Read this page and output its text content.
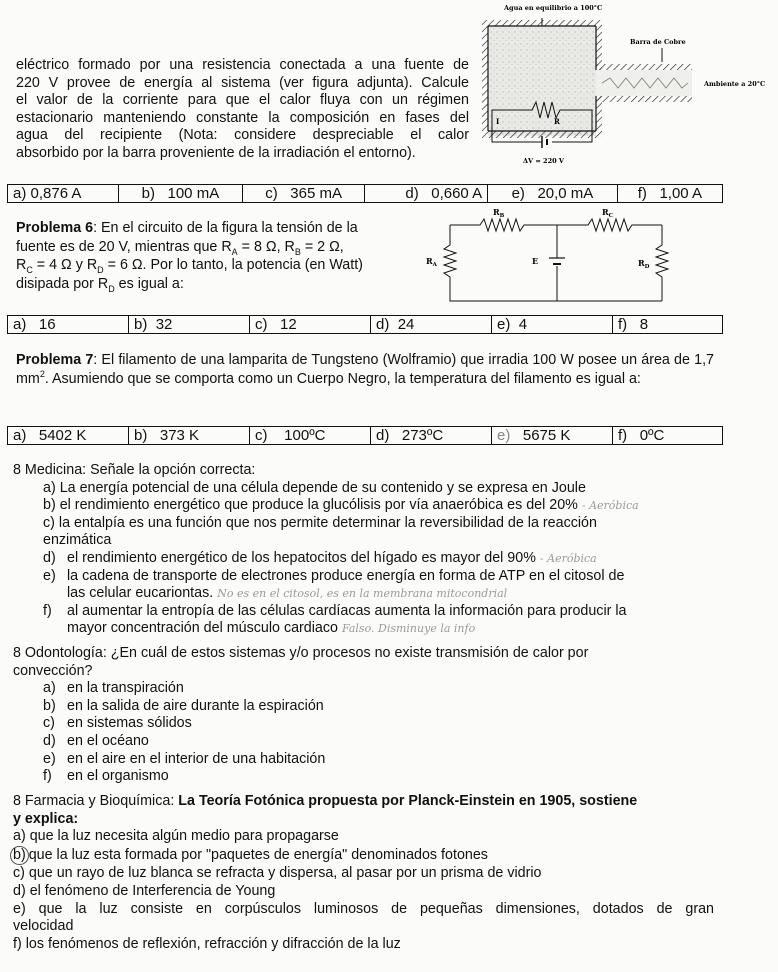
eléctrico formado por una resistencia conectada a una fuente de
220 V provee de energía al sistema (ver figura adjunta). Calcule
el valor de la corriente para que el calor fluya con un régimen
estacionario manteniendo constante la composición en fases del
agua del recipiente (Nota: considere despreciable el calor
absorbido por la barra proveniente de la irradiación el entorno).
Agua en equilibrio a 100°C
Barra de Cobre
Ambiente a 20°C
I	R
ΔV = 220 V
a) 0,876 A	b) 100 mA	c) 365 mA	d) 0,660 A	e) 20,0 mA	f) 1,00 A
Problema 6: En el circuito de la figura la tensión de la
fuente es de 20 V, mientras que $R_A = 8$ Ω, $R_B = 2$ Ω,
$R_C = 4$ Ω y $R_D = 6$ Ω. Por lo tanto, la potencia (en Watt)
disipada por $R_D$ es igual a:
$R_B$	$R_C$
$R_A$	E	$R_D$
a) 16	b) 32	c) 12	d) 24	e) 4	f) 8
Problema 7: El filamento de una lamparita de Tungsteno (Wolframio) que irradia 100 W posee un área de 1,7 $mm^2$. Asumiendo que se comporta como un Cuerpo Negro, la temperatura del filamento es igual a:
a) 5402 K	b) 373 K	c) 100ºC	d) 273ºC	e) 5675 K	f) 0ºC
8 Medicina: Señale la opción correcta:
a) La energía potencial de una célula depende de su contenido y se expresa en Joule
b) el rendimiento energético que produce la glucólisis por vía anaeróbica es del 20% - Aeróbica
c) la entalpía es una función que nos permite determinar la reversibilidad de la reacción
enzimática
d) el rendimiento energético de los hepatocitos del hígado es mayor del 90% - Aeróbica
e) la cadena de transporte de electrones produce energía en forma de ATP en el citosol de
las celular eucariontas. No es en el citosol, es en la membrana mitocondrial
f) al aumentar la entropía de las células cardíacas aumenta la información para producir la
mayor concentración del músculo cardiaco Falso. Disminuye la info
8 Odontología: ¿En cuál de estos sistemas y/o procesos no existe transmisión de calor por
convección?
a) en la transpiración
b) en la salida de aire durante la espiración
c) en sistemas sólidos
d) en el océano
e) en el aire en el interior de una habitación
f) en el organismo
8 Farmacia y Bioquímica: La Teoría Fotónica propuesta por Planck-Einstein en 1905, sostiene
y explica:
a) que la luz necesita algún medio para propagarse
b) que la luz esta formada por "paquetes de energía" denominados fotones
c) que un rayo de luz blanca se refracta y dispersa, al pasar por un prisma de vidrio
d) el fenómeno de Interferencia de Young
e) que la luz consiste en corpúsculos luminosos de pequeñas dimensiones, dotados de gran
velocidad
f) los fenómenos de reflexión, refracción y difracción de la luz
